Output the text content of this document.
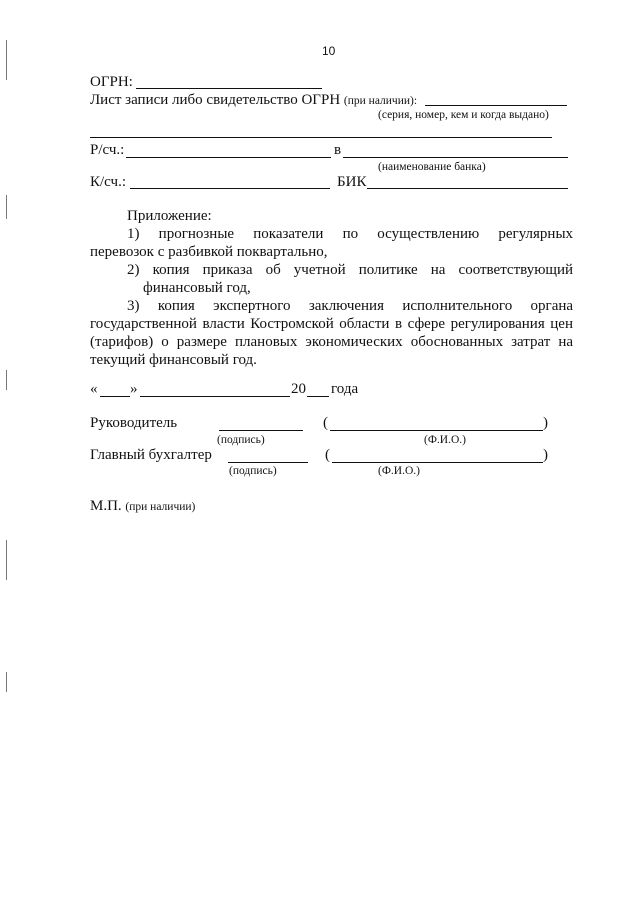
10
ОГРН:
Лист записи либо свидетельство ОГРН (при наличии):
(серия, номер, кем и когда выдано)
Р/сч.:	в
(наименование банка)
К/сч.:	БИК
Приложение:
1) прогнозные показатели по осуществлению регулярных
перевозок с разбивкой поквартально,
2) копия приказа об учетной политике на соответствующий
финансовый год,
3) копия экспертного заключения исполнительного органа
государственной власти Костромской области в сфере регулирования цен
(тарифов) о размере плановых экономических обоснованных затрат на
текущий финансовый год.
« »	20 года
Руководитель	(	)
(подпись)	(Ф.И.О.)
Главный бухгалтер	(	)
(подпись)	(Ф.И.О.)
М.П. (при наличии)
